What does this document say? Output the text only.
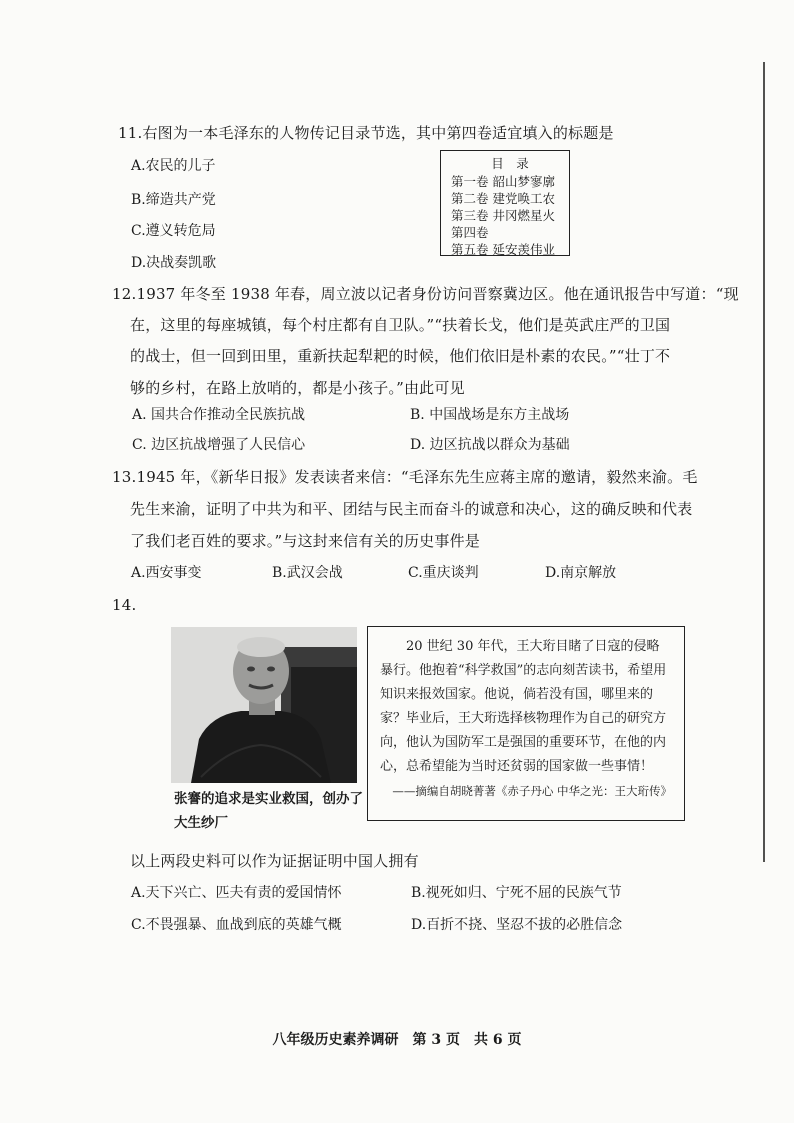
11.右图为一本毛泽东的人物传记目录节选，其中第四卷适宜填入的标题是
A.农民的儿子
B.缔造共产党
C.遵义转危局
D.决战奏凯歌
目　录
第一卷 韶山梦寥廓
第二卷 建党唤工农
第三卷 井冈燃星火
第四卷
第五卷 延安羡伟业
12.1937 年冬至 1938 年春，周立波以记者身份访问晋察冀边区。他在通讯报告中写道：“现
在，这里的每座城镇，每个村庄都有自卫队。”“扶着长戈，他们是英武庄严的卫国
的战士，但一回到田里，重新扶起犁耙的时候，他们依旧是朴素的农民。”“壮丁不
够的乡村，在路上放哨的，都是小孩子。”由此可见
A. 国共合作推动全民族抗战	B. 中国战场是东方主战场
C. 边区抗战增强了人民信心	D. 边区抗战以群众为基础
13.1945 年，《新华日报》发表读者来信：“毛泽东先生应蒋主席的邀请，毅然来渝。毛
先生来渝，证明了中共为和平、团结与民主而奋斗的诚意和决心，这的确反映和代表
了我们老百姓的要求。”与这封来信有关的历史事件是
A.西安事变	B.武汉会战	C.重庆谈判	D.南京解放
14.
张謇的追求是实业救国，创办了大生纱厂

20 世纪 30 年代，王大珩目睹了日寇的侵略暴行。他抱着“科学救国”的志向刻苦读书，希望用知识来报效国家。他说，倘若没有国，哪里来的家？毕业后，王大珩选择核物理作为自己的研究方向，他认为国防军工是强国的重要环节，在他的内心，总希望能为当时还贫弱的国家做一些事情！

——摘编自胡晓菁著《赤子丹心 中华之光：王大珩传》
以上两段史料可以作为证据证明中国人拥有
A.天下兴亡、匹夫有责的爱国情怀	B.视死如归、宁死不屈的民族气节
C.不畏强暴、血战到底的英雄气概	D.百折不挠、坚忍不拔的必胜信念
八年级历史素养调研　第 3 页　共 6 页
